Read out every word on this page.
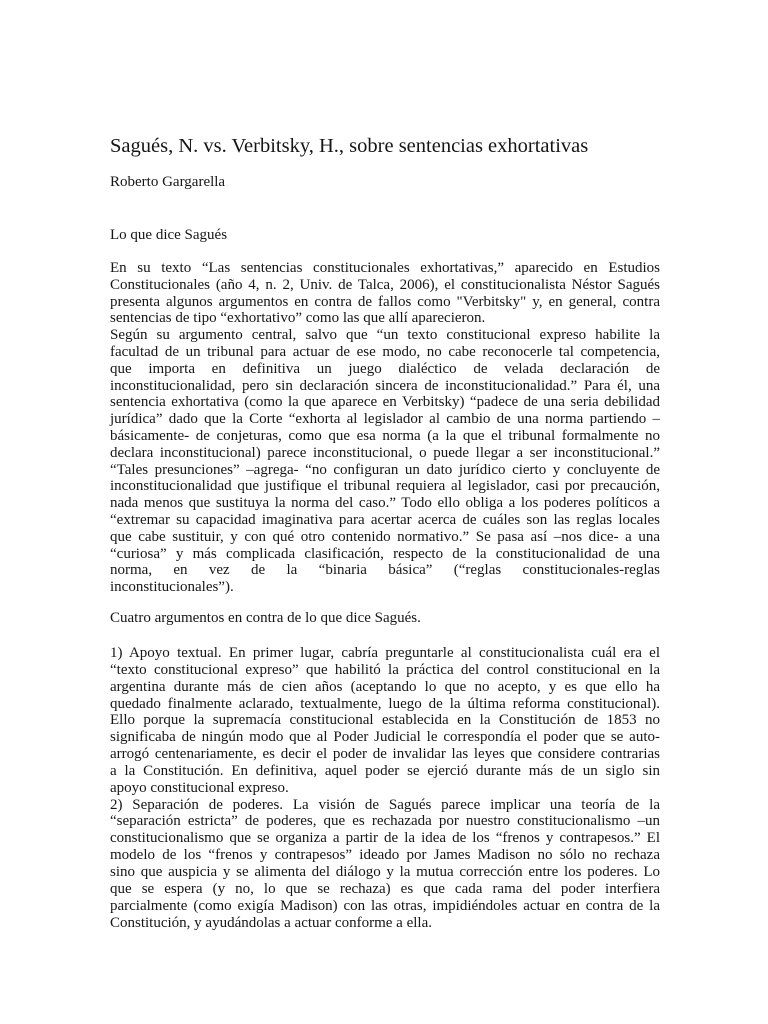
Sagués, N. vs. Verbitsky, H., sobre sentencias exhortativas
Roberto Gargarella
Lo que dice Sagués
En su texto “Las sentencias constitucionales exhortativas,” aparecido en Estudios
Constitucionales (año 4, n. 2, Univ. de Talca, 2006), el constitucionalista Néstor Sagués
presenta algunos argumentos en contra de fallos como "Verbitsky" y, en general, contra
sentencias de tipo “exhortativo” como las que allí aparecieron.
Según su argumento central, salvo que “un texto constitucional expreso habilite la
facultad de un tribunal para actuar de ese modo, no cabe reconocerle tal competencia,
que importa en definitiva un juego dialéctico de velada declaración de
inconstitucionalidad, pero sin declaración sincera de inconstitucionalidad.” Para él, una
sentencia exhortativa (como la que aparece en Verbitsky) “padece de una seria debilidad
jurídica” dado que la Corte “exhorta al legislador al cambio de una norma partiendo –
básicamente- de conjeturas, como que esa norma (a la que el tribunal formalmente no
declara inconstitucional) parece inconstitucional, o puede llegar a ser inconstitucional.”
“Tales presunciones” –agrega- “no configuran un dato jurídico cierto y concluyente de
inconstitucionalidad que justifique el tribunal requiera al legislador, casi por precaución,
nada menos que sustituya la norma del caso.” Todo ello obliga a los poderes políticos a
“extremar su capacidad imaginativa para acertar acerca de cuáles son las reglas locales
que cabe sustituir, y con qué otro contenido normativo.” Se pasa así –nos dice- a una
“curiosa” y más complicada clasificación, respecto de la constitucionalidad de una
norma, en vez de la “binaria básica” (“reglas constitucionales-reglas
inconstitucionales”).
Cuatro argumentos en contra de lo que dice Sagués.
1) Apoyo textual. En primer lugar, cabría preguntarle al constitucionalista cuál era el
“texto constitucional expreso” que habilitó la práctica del control constitucional en la
argentina durante más de cien años (aceptando lo que no acepto, y es que ello ha
quedado finalmente aclarado, textualmente, luego de la última reforma constitucional).
Ello porque la supremacía constitucional establecida en la Constitución de 1853 no
significaba de ningún modo que al Poder Judicial le correspondía el poder que se auto-
arrogó centenariamente, es decir el poder de invalidar las leyes que considere contrarias
a la Constitución. En definitiva, aquel poder se ejerció durante más de un siglo sin
apoyo constitucional expreso.
2) Separación de poderes. La visión de Sagués parece implicar una teoría de la
“separación estricta” de poderes, que es rechazada por nuestro constitucionalismo –un
constitucionalismo que se organiza a partir de la idea de los “frenos y contrapesos.” El
modelo de los “frenos y contrapesos” ideado por James Madison no sólo no rechaza
sino que auspicia y se alimenta del diálogo y la mutua corrección entre los poderes. Lo
que se espera (y no, lo que se rechaza) es que cada rama del poder interfiera
parcialmente (como exigía Madison) con las otras, impidiéndoles actuar en contra de la
Constitución, y ayudándolas a actuar conforme a ella.
